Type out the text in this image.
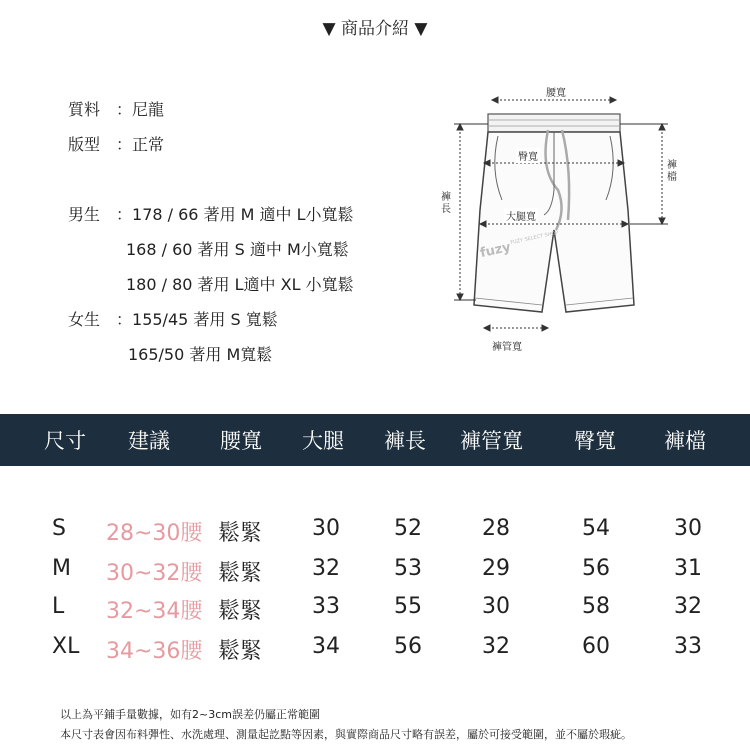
▼ 商品介紹 ▼
質料 ： 尼龍
版型 ： 正常
男生 ： 178 / 66 著用 M 適中 L小寬鬆
168 / 60 著用 S 適中 M小寬鬆
180 / 80 著用 L適中 XL 小寬鬆
女生 ： 155/45 著用 S 寬鬆
165/50 著用 M寬鬆
腰寬
臀寬
大腿寬
褲長
褲檔
褲管寬
fuzy
FUZY SELECT SHOP
尺寸 建議 腰寬 大腿 褲長 褲管寬 臀寬 褲檔
S 28~30腰 鬆緊 30 52	28	54	30
M 30~32腰 鬆緊 32 53	29	56	31
L 32~34腰 鬆緊 33 55	30	58	32
XL 34~36腰 鬆緊 34 56	32	60	33
以上為平鋪手量數據，如有2~3cm誤差仍屬正常範圍
本尺寸表會因布料彈性、水洗處理、測量起訖點等因素，與實際商品尺寸略有誤差，屬於可接受範圍，並不屬於瑕疵。
